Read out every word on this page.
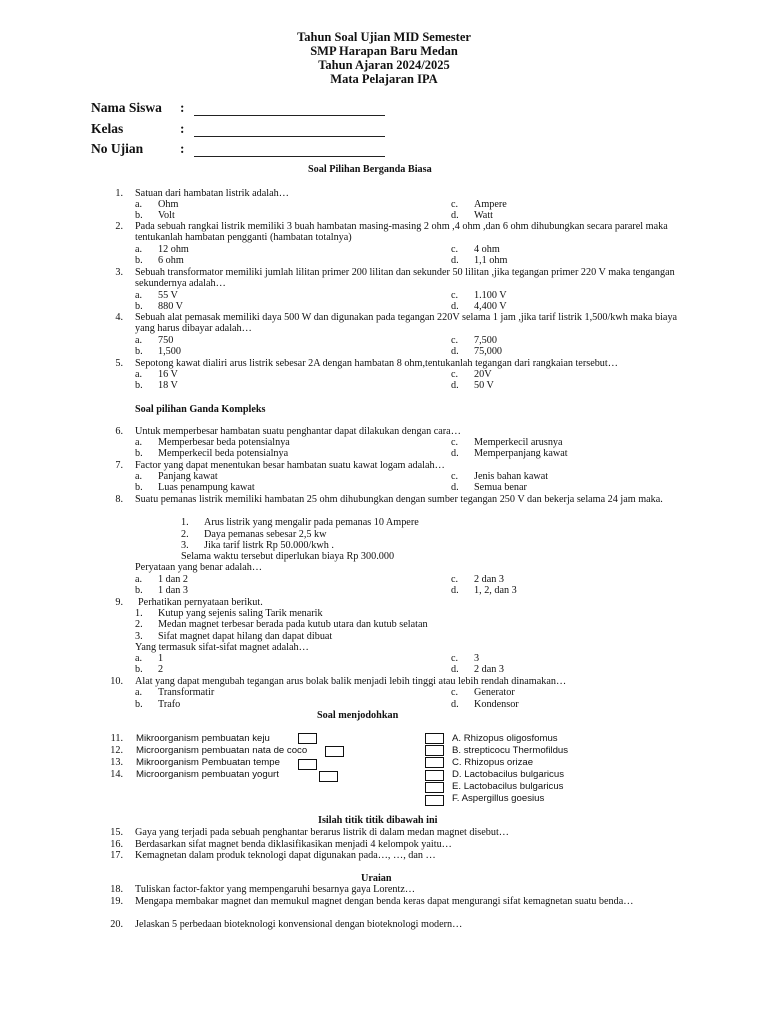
Tahun Soal Ujian MID Semester
SMP Harapan Baru Medan
Tahun Ajaran 2024/2025
Mata Pelajaran IPA
Nama Siswa :
Kelas	:
No Ujian	:
Soal Pilihan Berganda Biasa
1. Satuan dari hambatan listrik adalah…
a. Ohm
b. Volt
c. Ampere
d. Watt
2. Pada sebuah rangkai listrik memiliki 3 buah hambatan masing-masing 2 ohm ,4 ohm ,dan 6 ohm dihubungkan secara pararel maka tentukanlah hambatan pengganti (hambatan totalnya)
a. 12 ohm
b. 6 ohm
c. 4 ohm
d. 1,1 ohm
3. Sebuah transformator memiliki jumlah lilitan primer 200 lilitan dan sekunder 50 lilitan ,jika tegangan primer 220 V maka tengangan sekundernya adalah…
a. 55 V
b. 880 V
c. 1.100 V
d. 4,400 V
4. Sebuah alat pemasak memiliki daya 500 W dan digunakan pada tegangan 220V selama 1 jam ,jika tarif listrik 1,500/kwh maka biaya yang harus dibayar adalah…
a. 750
b. 1,500
c. 7,500
d. 75,000
5. Sepotong kawat dialiri arus listrik sebesar 2A dengan hambatan 8 ohm,tentukanlah tegangan dari rangkaian tersebut…
a. 16 V
b. 18 V
c. 20V
d. 50 V
Soal pilihan Ganda Kompleks
6. Untuk memperbesar hambatan suatu penghantar dapat dilakukan dengan cara…
a. Memperbesar beda potensialnya
b. Memperkecil beda potensialnya
c. Memperkecil arusnya
d. Memperpanjang kawat
7. Factor yang dapat menentukan besar hambatan suatu kawat logam adalah…
a. Panjang kawat
b. Luas penampung kawat
c. Jenis bahan kawat
d. Semua benar
8. Suatu pemanas listrik memiliki hambatan 25 ohm dihubungkan dengan sumber tegangan 250 V dan bekerja selama 24 jam maka.
1. Arus listrik yang mengalir pada pemanas 10 Ampere
2. Daya pemanas sebesar 2,5 kw
3. Jika tarif listrk Rp 50.000/kwh .
Selama waktu tersebut diperlukan biaya Rp 300.000
Peryataan yang benar adalah…
a. 1 dan 2
b. 1 dan 3
c. 2 dan 3
d. 1, 2, dan 3
9. Perhatikan pernyataan berikut.
1. Kutup yang sejenis saling Tarik menarik
2. Medan magnet terbesar berada pada kutub utara dan kutub selatan
3. Sifat magnet dapat hilang dan dapat dibuat
Yang termasuk sifat-sifat magnet adalah…
a. 1
b. 2
c. 3
d. 2 dan 3
10. Alat yang dapat mengubah tegangan arus bolak balik menjadi lebih tinggi atau lebih rendah dinamakan…
a. Transformatir
b. Trafo
c. Generator
d. Kondensor
Soal menjodohkan
11. Mikroorganism pembuatan keju
12. Microorganism pembuatan nata de coco
13. Mikroorganism Pembuatan tempe
14. Microorganism pembuatan yogurt
A. Rhizopus oligosfomus
B. strepticocu Thermofildus
C. Rhizopus orizae
D. Lactobacilus bulgaricus
E. Lactobacilus bulgaricus
F. Aspergillus goesius
Isilah titik titik dibawah ini
15. Gaya yang terjadi pada sebuah penghantar berarus listrik di dalam medan magnet disebut…
16. Berdasarkan sifat magnet benda diklasifikasikan menjadi 4 kelompok yaitu…
17. Kemagnetan dalam produk teknologi dapat digunakan pada…, …, dan …
Uraian
18. Tuliskan factor-faktor yang mempengaruhi besarnya gaya Lorentz…
19. Mengapa membakar magnet dan memukul magnet dengan benda keras dapat mengurangi sifat kemagnetan suatu benda…
20. Jelaskan 5 perbedaan bioteknologi konvensional dengan bioteknologi modern…
